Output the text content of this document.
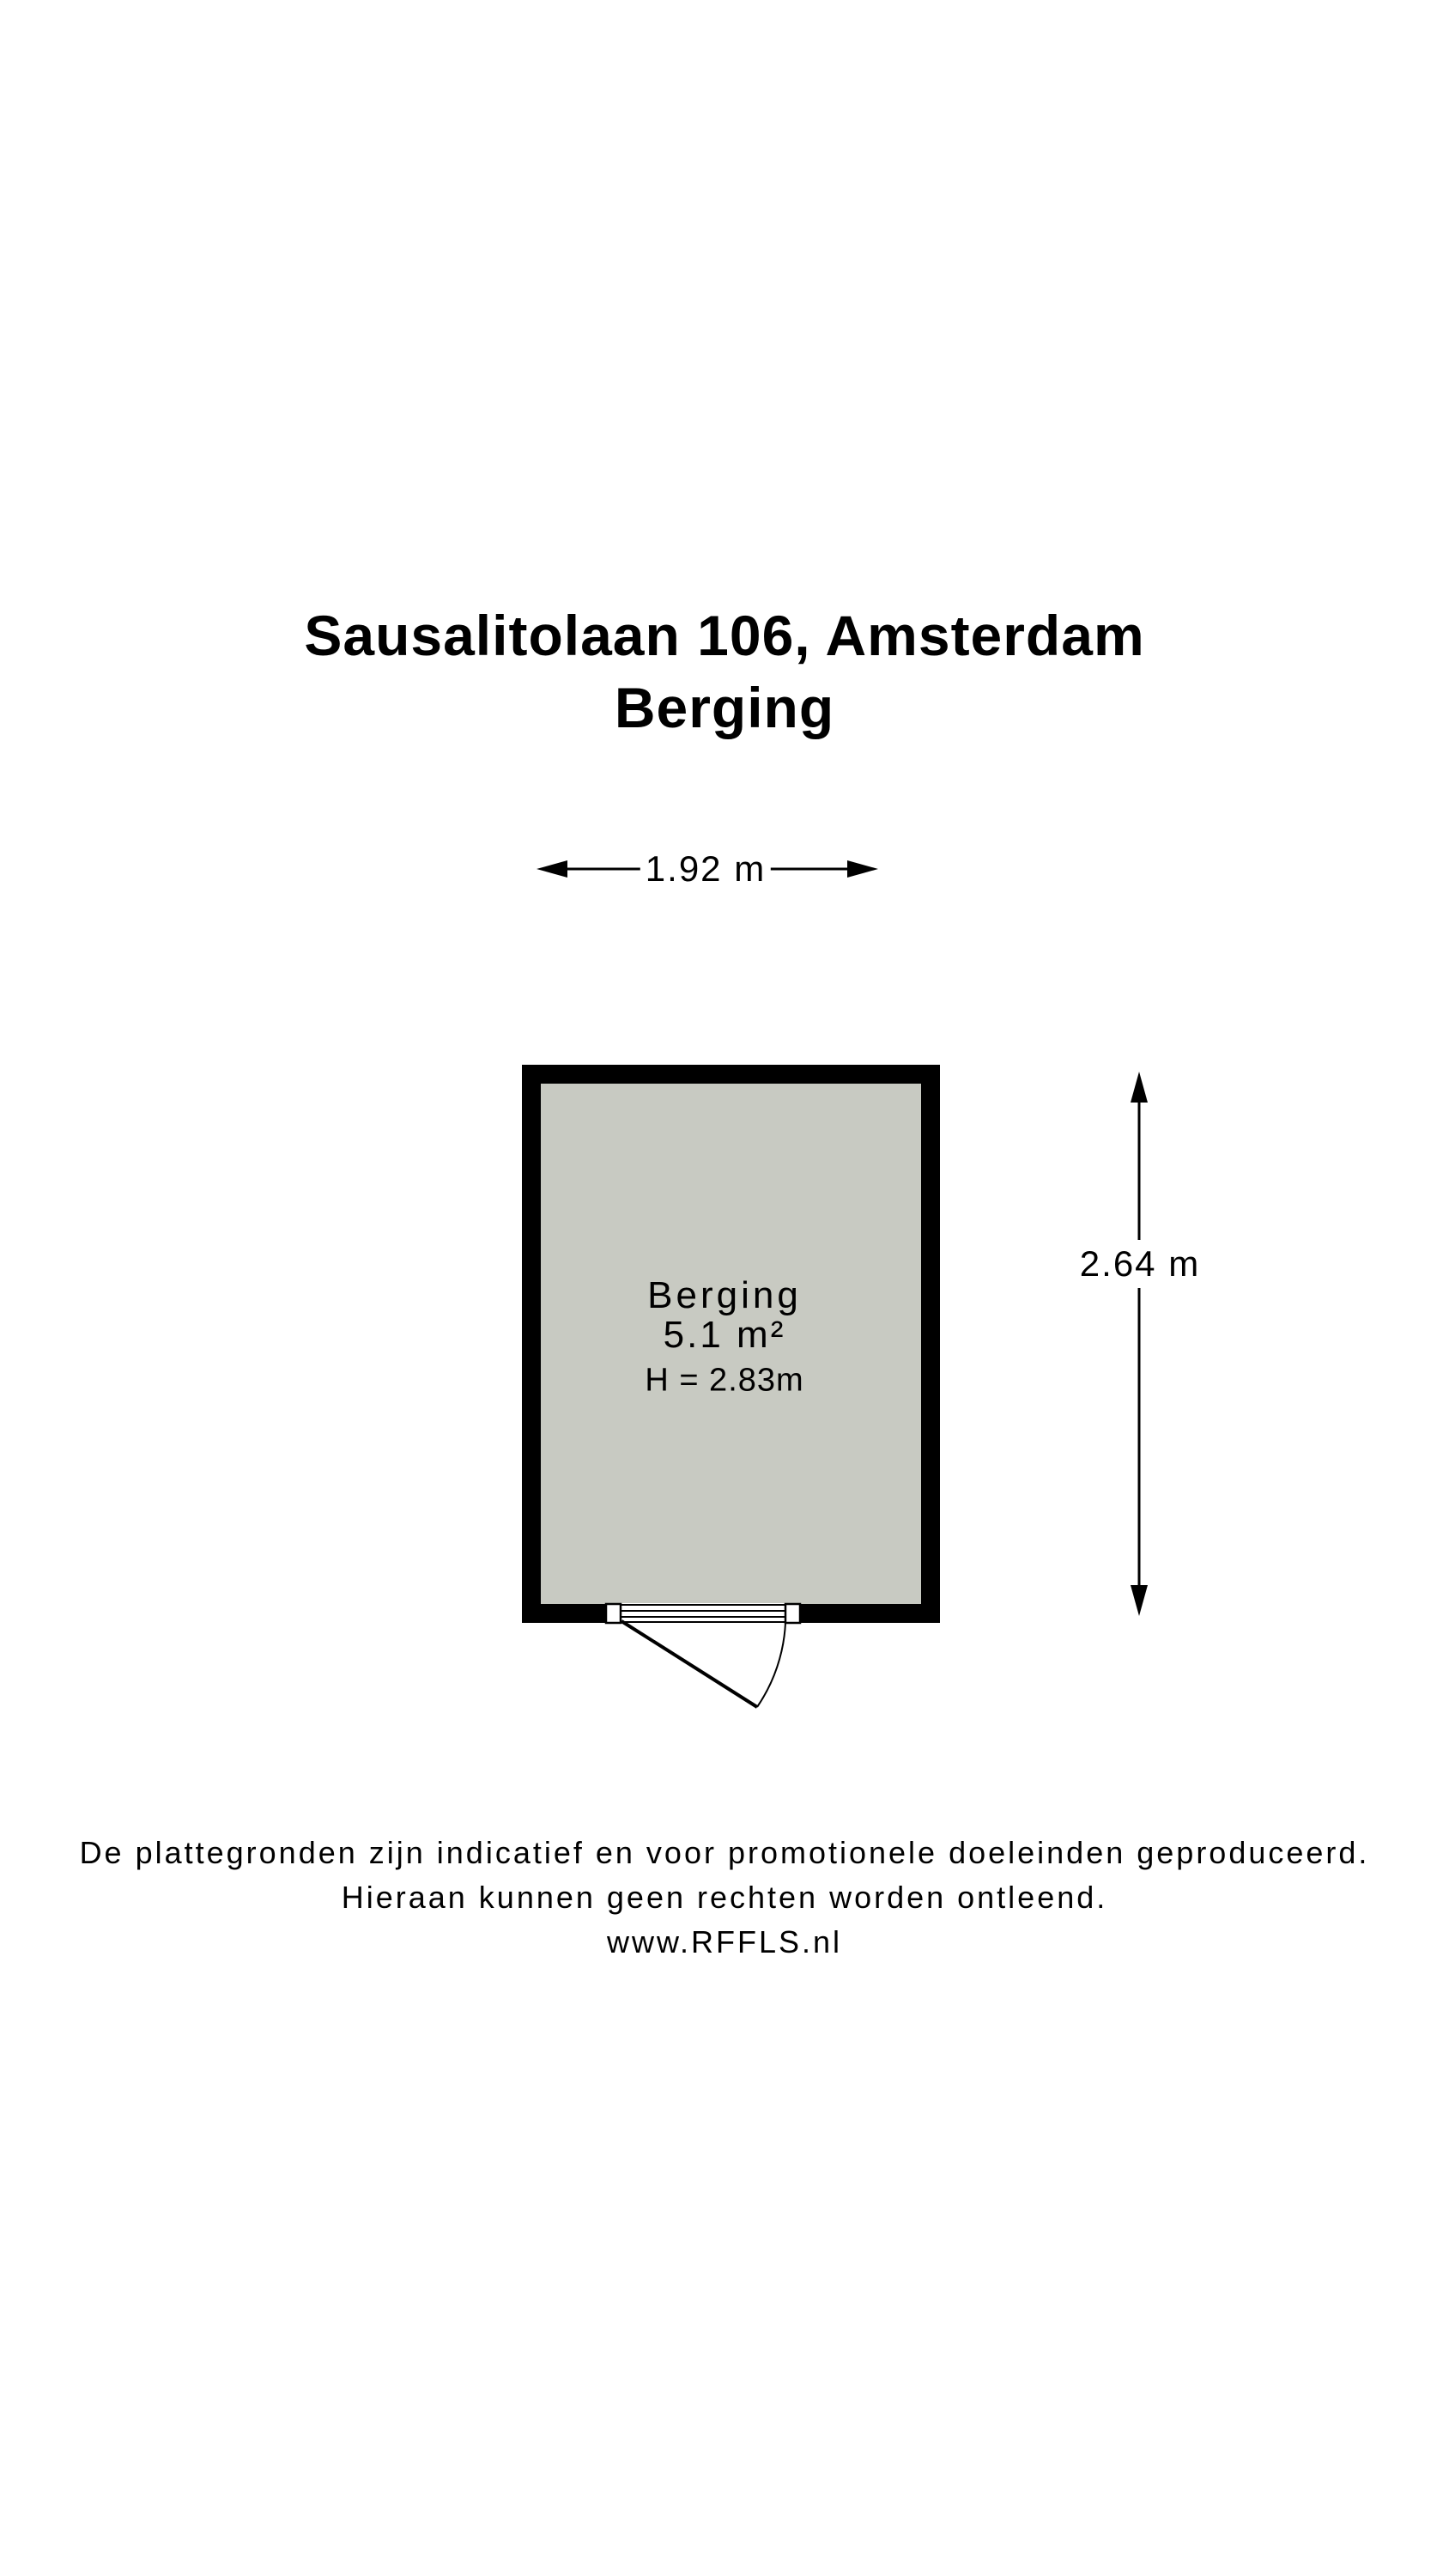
Sausalitolaan 106, Amsterdam
Berging
1.92 m
2.64 m
Berging
5.1 m²
H = 2.83m
De plattegronden zijn indicatief en voor promotionele doeleinden geproduceerd.
Hieraan kunnen geen rechten worden ontleend.
www.RFFLS.nl
